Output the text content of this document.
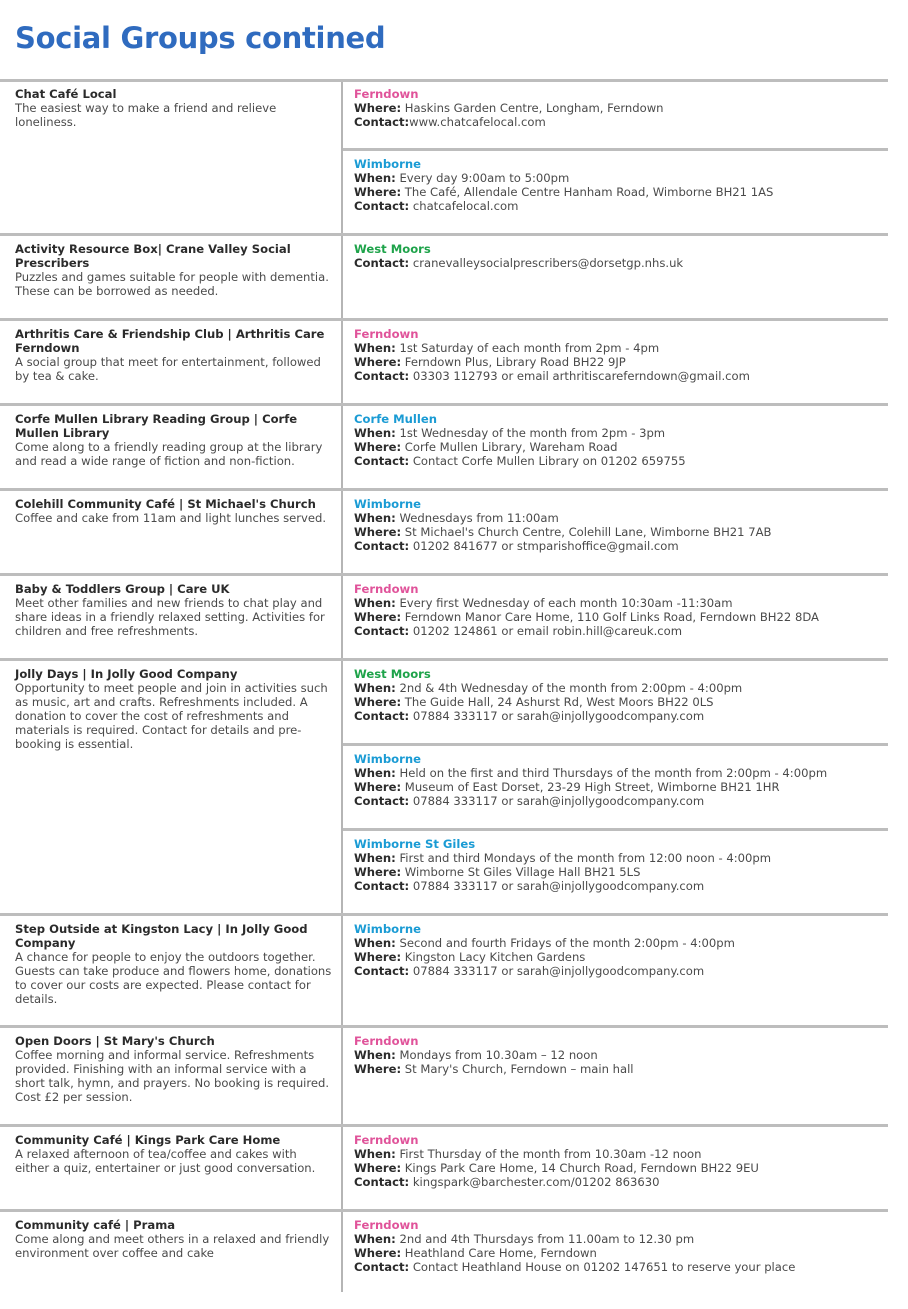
Social Groups contined
Chat Café Local
The easiest way to make a friend and relieve loneliness.
Ferndown
Where: Haskins Garden Centre, Longham, Ferndown
Contact:www.chatcafelocal.com
Wimborne
When: Every day 9:00am to 5:00pm
Where: The Café, Allendale Centre Hanham Road, Wimborne BH21 1AS
Contact: chatcafelocal.com
Activity Resource Box| Crane Valley Social Prescribers
Puzzles and games suitable for people with dementia. These can be borrowed as needed.
West Moors
Contact: cranevalleysocialprescribers@dorsetgp.nhs.uk
Arthritis Care & Friendship Club | Arthritis Care Ferndown
A social group that meet for entertainment, followed by tea & cake.
Ferndown
When: 1st Saturday of each month from 2pm - 4pm
Where: Ferndown Plus, Library Road BH22 9JP
Contact: 03303 112793 or email arthritiscareferndown@gmail.com
Corfe Mullen Library Reading Group | Corfe Mullen Library
Come along to a friendly reading group at the library and read a wide range of fiction and non-fiction.
Corfe Mullen
When: 1st Wednesday of the month from 2pm - 3pm
Where: Corfe Mullen Library, Wareham Road
Contact: Contact Corfe Mullen Library on 01202 659755
Colehill Community Café | St Michael's Church
Coffee and cake from 11am and light lunches served.
Wimborne
When: Wednesdays from 11:00am
Where: St Michael's Church Centre, Colehill Lane, Wimborne BH21 7AB
Contact: 01202 841677 or stmparishoffice@gmail.com
Baby & Toddlers Group | Care UK
Meet other families and new friends to chat play and share ideas in a friendly relaxed setting. Activities for children and free refreshments.
Ferndown
When: Every first Wednesday of each month 10:30am -11:30am
Where: Ferndown Manor Care Home, 110 Golf Links Road, Ferndown BH22 8DA
Contact: 01202 124861 or email robin.hill@careuk.com
Jolly Days | In Jolly Good Company
Opportunity to meet people and join in activities such as music, art and crafts. Refreshments included. A donation to cover the cost of refreshments and materials is required. Contact for details and pre-booking is essential.
West Moors
When: 2nd & 4th Wednesday of the month from 2:00pm - 4:00pm
Where: The Guide Hall, 24 Ashurst Rd, West Moors BH22 0LS
Contact: 07884 333117 or sarah@injollygoodcompany.com
Wimborne
When: Held on the first and third Thursdays of the month from 2:00pm - 4:00pm
Where: Museum of East Dorset, 23-29 High Street, Wimborne BH21 1HR
Contact: 07884 333117 or sarah@injollygoodcompany.com
Wimborne St Giles
When: First and third Mondays of the month from 12:00 noon - 4:00pm
Where: Wimborne St Giles Village Hall BH21 5LS
Contact: 07884 333117 or sarah@injollygoodcompany.com
Step Outside at Kingston Lacy | In Jolly Good Company
A chance for people to enjoy the outdoors together. Guests can take produce and flowers home, donations to cover our costs are expected. Please contact for details.
Wimborne
When: Second and fourth Fridays of the month 2:00pm - 4:00pm
Where: Kingston Lacy Kitchen Gardens
Contact: 07884 333117 or sarah@injollygoodcompany.com
Open Doors | St Mary's Church
Coffee morning and informal service. Refreshments provided. Finishing with an informal service with a short talk, hymn, and prayers. No booking is required. Cost £2 per session.
Ferndown
When: Mondays from 10.30am – 12 noon
Where: St Mary's Church, Ferndown – main hall
Community Café | Kings Park Care Home
A relaxed afternoon of tea/coffee and cakes with either a quiz, entertainer or just good conversation.
Ferndown
When: First Thursday of the month from 10.30am -12 noon
Where: Kings Park Care Home, 14 Church Road, Ferndown BH22 9EU
Contact: kingspark@barchester.com/01202 863630
Community café | Prama
Come along and meet others in a relaxed and friendly environment over coffee and cake
Ferndown
When: 2nd and 4th Thursdays from 11.00am to 12.30 pm
Where: Heathland Care Home, Ferndown
Contact: Contact Heathland House on 01202 147651 to reserve your place
